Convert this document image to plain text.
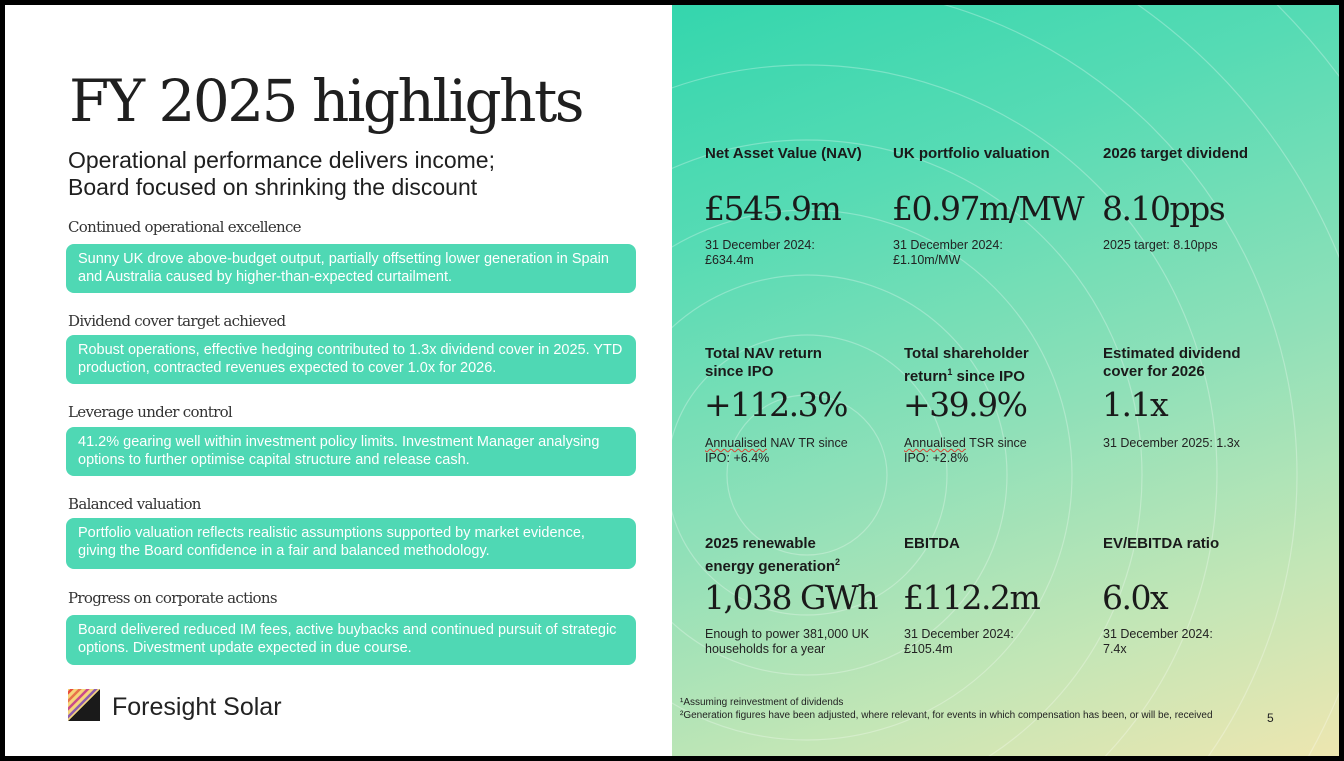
FY 2025 highlights
Operational performance delivers income;
Board focused on shrinking the discount
Continued operational excellence
Sunny UK drove above-budget output, partially offsetting lower generation in Spain and Australia caused by higher-than-expected curtailment.
Dividend cover target achieved
Robust operations, effective hedging contributed to 1.3x dividend cover in 2025. YTD production, contracted revenues expected to cover 1.0x for 2026.
Leverage under control
41.2% gearing well within investment policy limits. Investment Manager analysing options to further optimise capital structure and release cash.
Balanced valuation
Portfolio valuation reflects realistic assumptions supported by market evidence, giving the Board confidence in a fair and balanced methodology.
Progress on corporate actions
Board delivered reduced IM fees, active buybacks and continued pursuit of strategic options. Divestment update expected in due course.
Foresight Solar
Net Asset Value (NAV)
£545.9m
31 December 2024: £634.4m
UK portfolio valuation
£0.97m/MW
31 December 2024: £1.10m/MW
2026 target dividend
8.10pps
2025 target: 8.10pps
Total NAV return since IPO
+112.3%
Annualised NAV TR since IPO: +6.4%
Total shareholder return$^1$ since IPO
+39.9%
Annualised TSR since IPO: +2.8%
Estimated dividend cover for 2026
1.1x
31 December 2025: 1.3x
2025 renewable energy generation$^2$
1,038 GWh
Enough to power 381,000 UK households for a year
EBITDA
£112.2m
31 December 2024: £105.4m
EV/EBITDA ratio
6.0x
31 December 2024: 7.4x
¹Assuming reinvestment of dividends
²Generation figures have been adjusted, where relevant, for events in which compensation has been, or will be, received	5
